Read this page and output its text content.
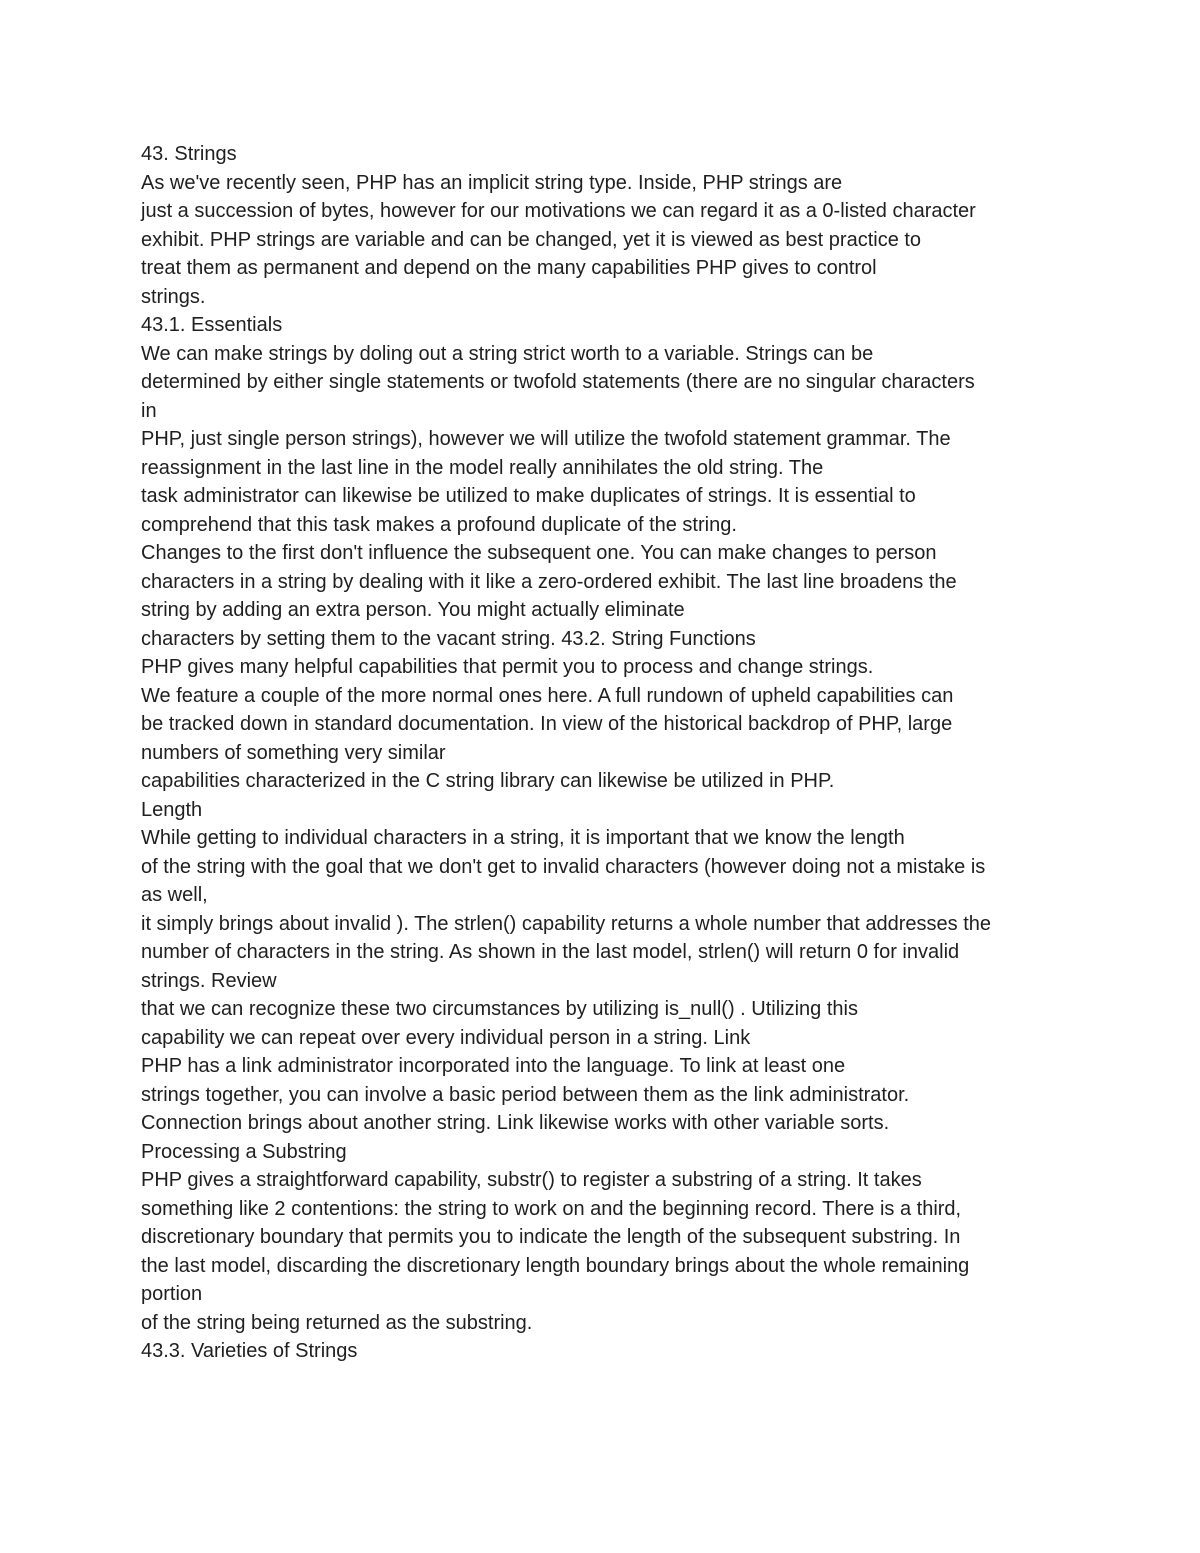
43. Strings
As we've recently seen, PHP has an implicit string type. Inside, PHP strings are
just a succession of bytes, however for our motivations we can regard it as a 0-listed character
exhibit. PHP strings are variable and can be changed, yet it is viewed as best practice to
treat them as permanent and depend on the many capabilities PHP gives to control
strings.
43.1. Essentials
We can make strings by doling out a string strict worth to a variable. Strings can be
determined by either single statements or twofold statements (there are no singular characters
in
PHP, just single person strings), however we will utilize the twofold statement grammar. The
reassignment in the last line in the model really annihilates the old string. The
task administrator can likewise be utilized to make duplicates of strings. It is essential to
comprehend that this task makes a profound duplicate of the string.
Changes to the first don't influence the subsequent one. You can make changes to person
characters in a string by dealing with it like a zero-ordered exhibit. The last line broadens the
string by adding an extra person. You might actually eliminate
characters by setting them to the vacant string. 43.2. String Functions
PHP gives many helpful capabilities that permit you to process and change strings.
We feature a couple of the more normal ones here. A full rundown of upheld capabilities can
be tracked down in standard documentation. In view of the historical backdrop of PHP, large
numbers of something very similar
capabilities characterized in the C string library can likewise be utilized in PHP.
Length
While getting to individual characters in a string, it is important that we know the length
of the string with the goal that we don't get to invalid characters (however doing not a mistake is
as well,
it simply brings about invalid ). The strlen() capability returns a whole number that addresses the
number of characters in the string. As shown in the last model, strlen() will return 0 for invalid
strings. Review
that we can recognize these two circumstances by utilizing is_null() . Utilizing this
capability we can repeat over every individual person in a string. Link
PHP has a link administrator incorporated into the language. To link at least one
strings together, you can involve a basic period between them as the link administrator.
Connection brings about another string. Link likewise works with other variable sorts.
Processing a Substring
PHP gives a straightforward capability, substr() to register a substring of a string. It takes
something like 2 contentions: the string to work on and the beginning record. There is a third,
discretionary boundary that permits you to indicate the length of the subsequent substring. In
the last model, discarding the discretionary length boundary brings about the whole remaining
portion
of the string being returned as the substring.
43.3. Varieties of Strings
